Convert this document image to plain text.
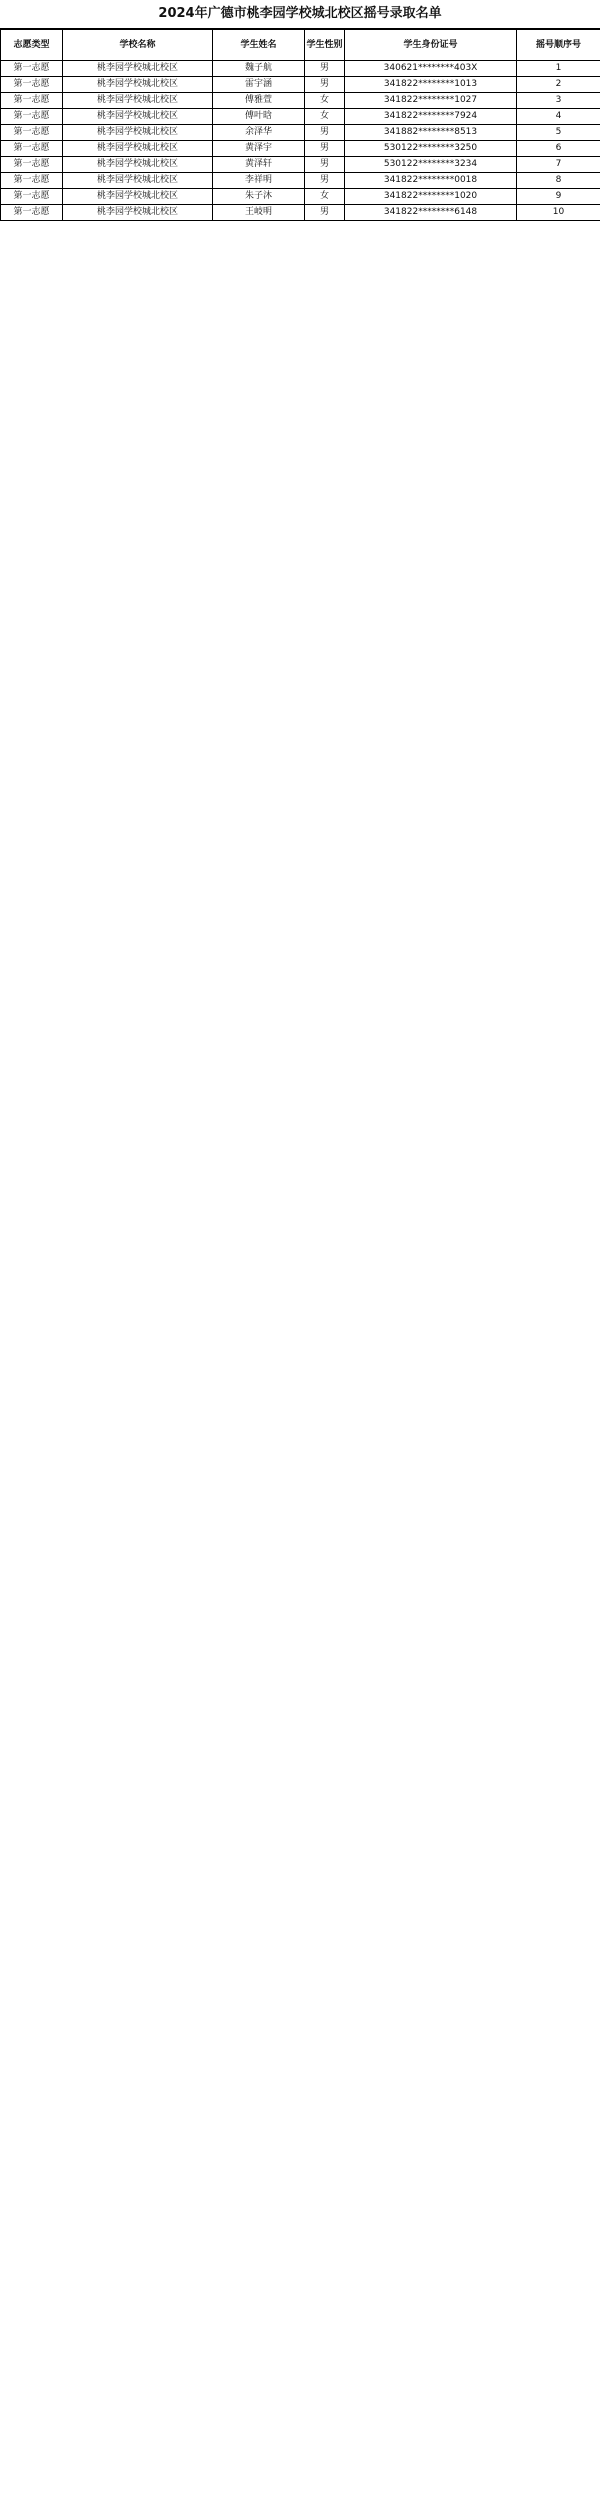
2024年广德市桃李园学校城北校区摇号录取名单
志愿类型	学校名称	学生姓名	学生性别	学生身份证号	摇号顺序号
第一志愿	桃李园学校城北校区	魏子航	男	340621********403X	1
第一志愿	桃李园学校城北校区	雷宇涵	男	341822********1013	2
第一志愿	桃李园学校城北校区	傅雅萱	女	341822********1027	3
第一志愿	桃李园学校城北校区	傅叶晗	女	341822********7924	4
第一志愿	桃李园学校城北校区	余泽华	男	341882********8513	5
第一志愿	桃李园学校城北校区	黄泽宇	男	530122********3250	6
第一志愿	桃李园学校城北校区	黄泽轩	男	530122********3234	7
第一志愿	桃李园学校城北校区	李祥明	男	341822********0018	8
第一志愿	桃李园学校城北校区	朱子沐	女	341822********1020	9
第一志愿	桃李园学校城北校区	王岐明	男	341822********6148	10
